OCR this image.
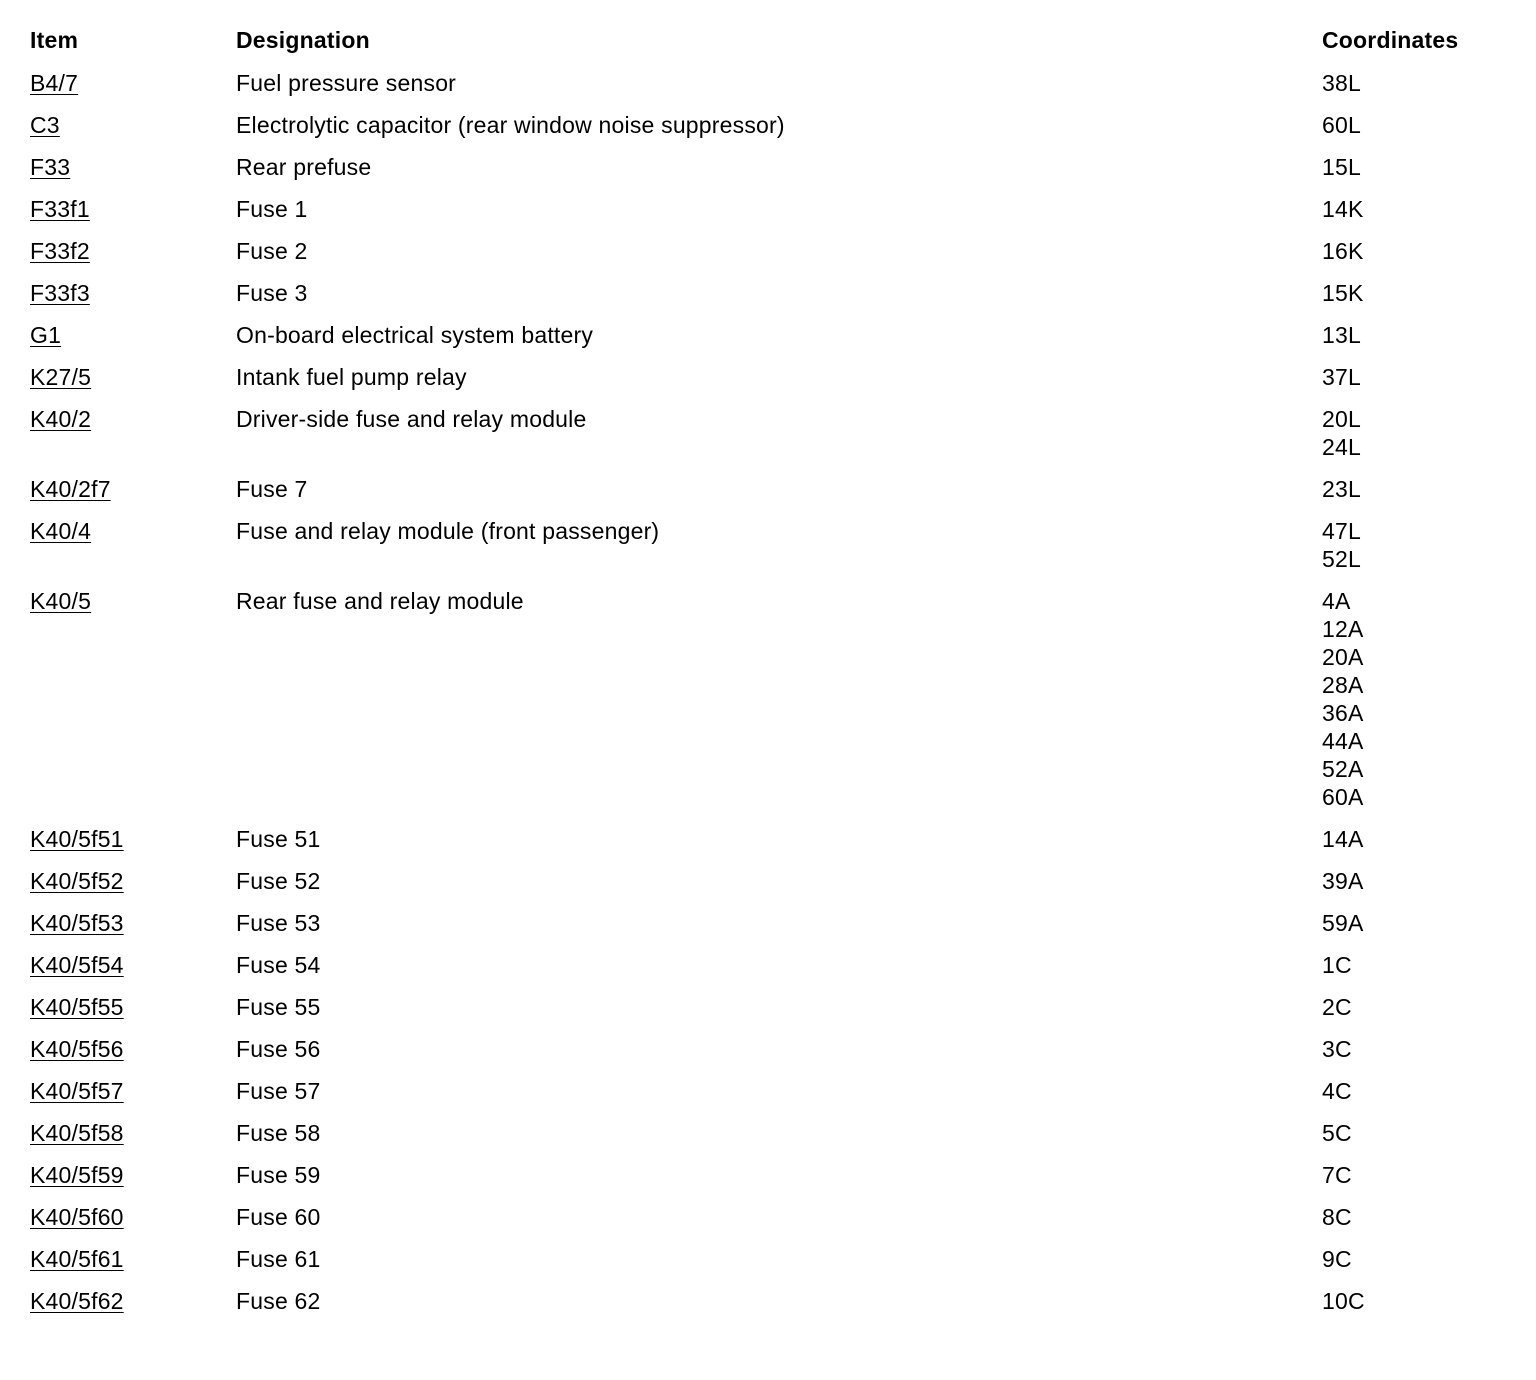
Item	Designation	Coordinates
B4/7	Fuel pressure sensor	38L
C3	Electrolytic capacitor (rear window noise suppressor)	60L
F33	Rear prefuse	15L
F33f1	Fuse 1	14K
F33f2	Fuse 2	16K
F33f3	Fuse 3	15K
G1	On-board electrical system battery	13L
K27/5	Intank fuel pump relay	37L
K40/2	Driver-side fuse and relay module	20L
24L
K40/2f7	Fuse 7	23L
K40/4	Fuse and relay module (front passenger)	47L
52L
K40/5	Rear fuse and relay module	4A
12A
20A
28A
36A
44A
52A
60A
K40/5f51	Fuse 51	14A
K40/5f52	Fuse 52	39A
K40/5f53	Fuse 53	59A
K40/5f54	Fuse 54	1C
K40/5f55	Fuse 55	2C
K40/5f56	Fuse 56	3C
K40/5f57	Fuse 57	4C
K40/5f58	Fuse 58	5C
K40/5f59	Fuse 59	7C
K40/5f60	Fuse 60	8C
K40/5f61	Fuse 61	9C
K40/5f62	Fuse 62	10C
